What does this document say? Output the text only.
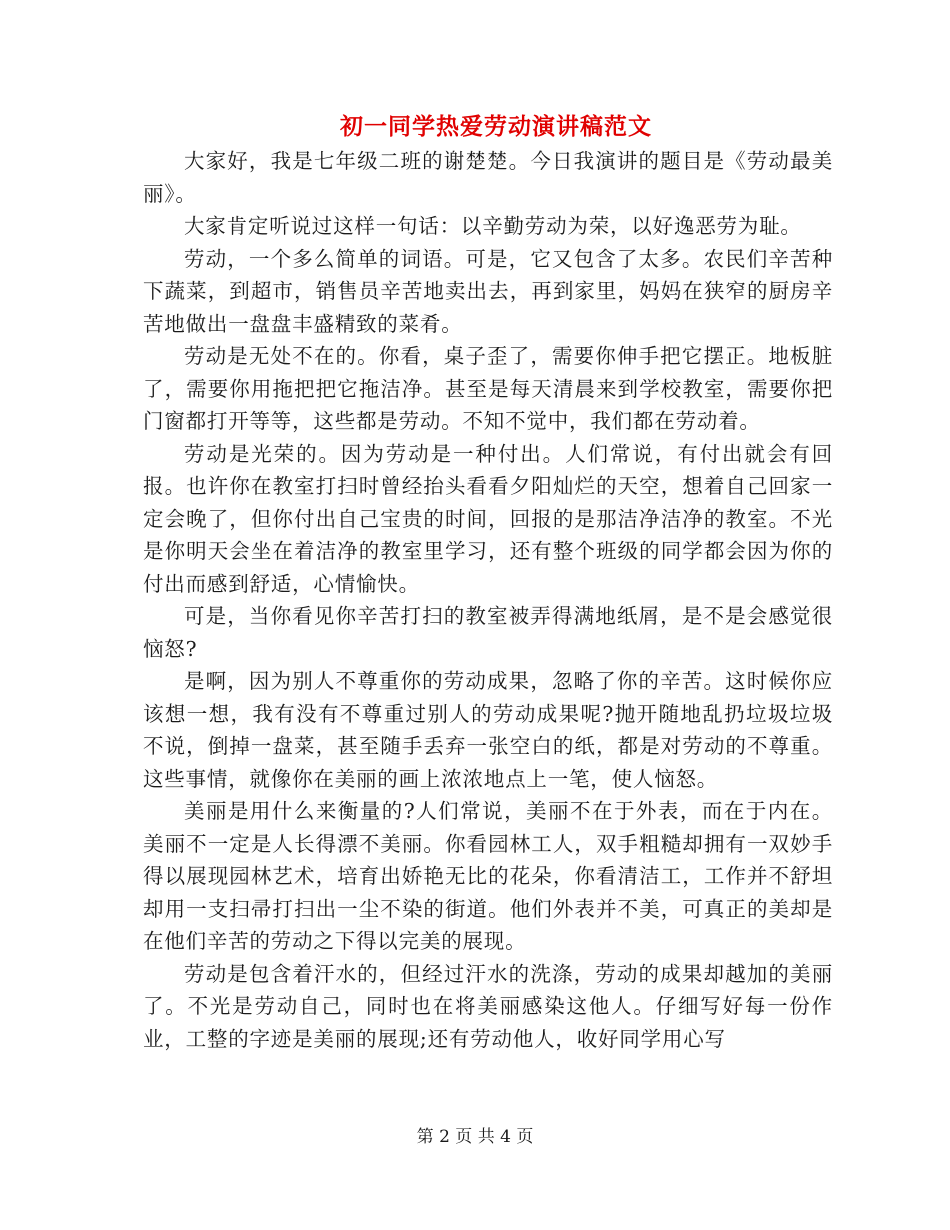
初一同学热爱劳动演讲稿范文

大家好，我是七年级二班的谢楚楚。今日我演讲的题目是《劳动最美丽》。

大家肯定听说过这样一句话：以辛勤劳动为荣，以好逸恶劳为耻。

劳动，一个多么简单的词语。可是，它又包含了太多。农民们辛苦种下蔬菜，到超市，销售员辛苦地卖出去，再到家里，妈妈在狭窄的厨房辛苦地做出一盘盘丰盛精致的菜肴。

劳动是无处不在的。你看，桌子歪了，需要你伸手把它摆正。地板脏了，需要你用拖把把它拖洁净。甚至是每天清晨来到学校教室，需要你把门窗都打开等等，这些都是劳动。不知不觉中，我们都在劳动着。

劳动是光荣的。因为劳动是一种付出。人们常说，有付出就会有回报。也许你在教室打扫时曾经抬头看看夕阳灿烂的天空，想着自己回家一定会晚了，但你付出自己宝贵的时间，回报的是那洁净洁净的教室。不光是你明天会坐在着洁净的教室里学习，还有整个班级的同学都会因为你的付出而感到舒适，心情愉快。

可是，当你看见你辛苦打扫的教室被弄得满地纸屑，是不是会感觉很恼怒?

是啊，因为别人不尊重你的劳动成果，忽略了你的辛苦。这时候你应该想一想，我有没有不尊重过别人的劳动成果呢?抛开随地乱扔垃圾垃圾不说，倒掉一盘菜，甚至随手丢弃一张空白的纸，都是对劳动的不尊重。这些事情，就像你在美丽的画上浓浓地点上一笔，使人恼怒。

美丽是用什么来衡量的?人们常说，美丽不在于外表，而在于内在。美丽不一定是人长得漂不美丽。你看园林工人，双手粗糙却拥有一双妙手得以展现园林艺术，培育出娇艳无比的花朵，你看清洁工，工作并不舒坦却用一支扫帚打扫出一尘不染的街道。他们外表并不美，可真正的美却是在他们辛苦的劳动之下得以完美的展现。

劳动是包含着汗水的，但经过汗水的洗涤，劳动的成果却越加的美丽了。不光是劳动自己，同时也在将美丽感染这他人。仔细写好每一份作业，工整的字迹是美丽的展现;还有劳动他人，收好同学用心写

第 2 页 共 4 页
